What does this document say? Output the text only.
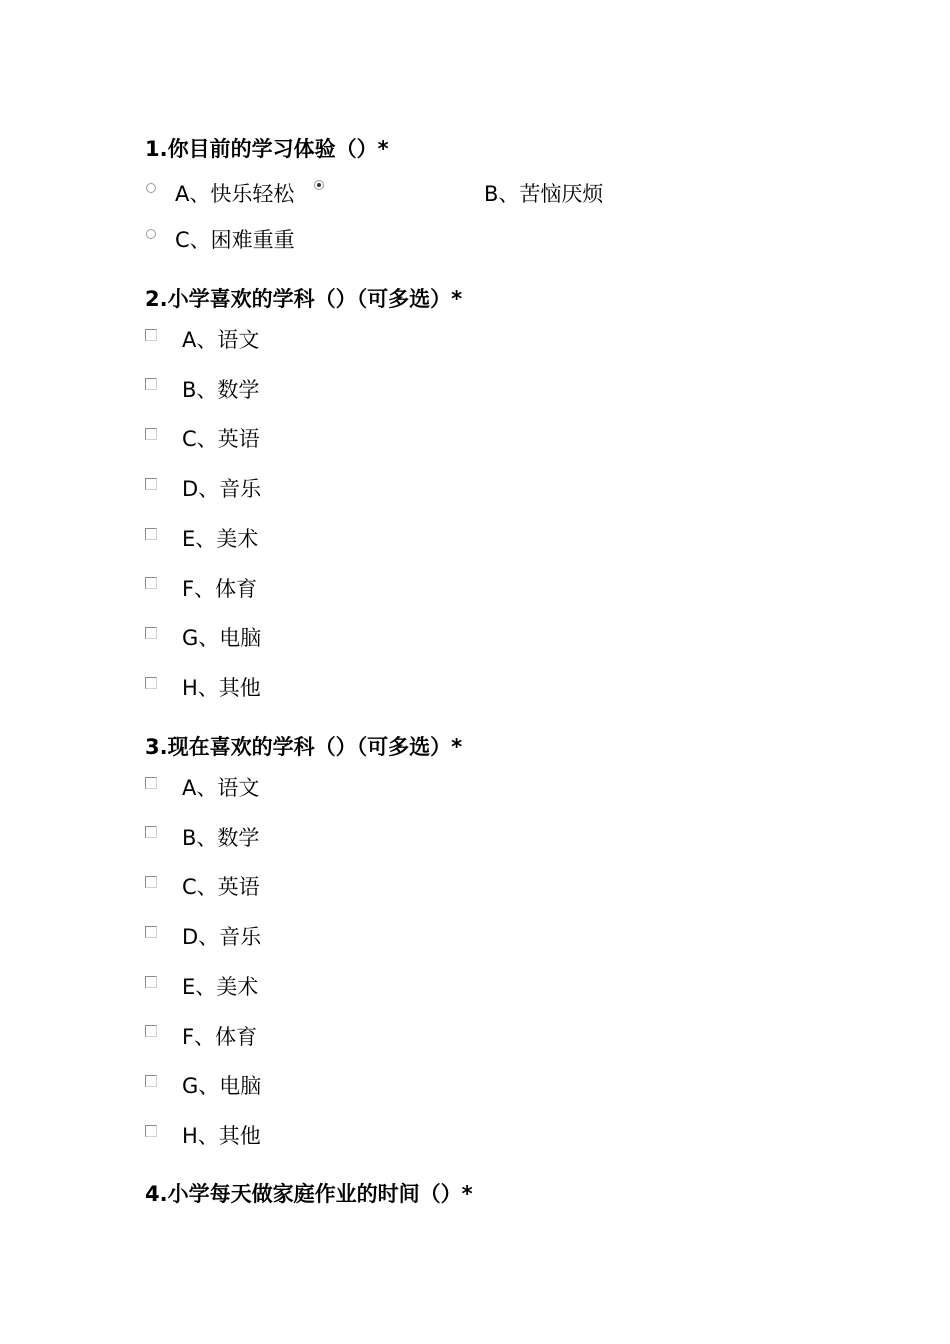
1.你目前的学习体验（）*
A、快乐轻松	B、苦恼厌烦
C、困难重重
2.小学喜欢的学科（）（可多选）*
A、语文
B、数学
C、英语
D、音乐
E、美术
F、体育
G、电脑
H、其他
3.现在喜欢的学科（）（可多选）*
A、语文
B、数学
C、英语
D、音乐
E、美术
F、体育
G、电脑
H、其他
4.小学每天做家庭作业的时间（）*
